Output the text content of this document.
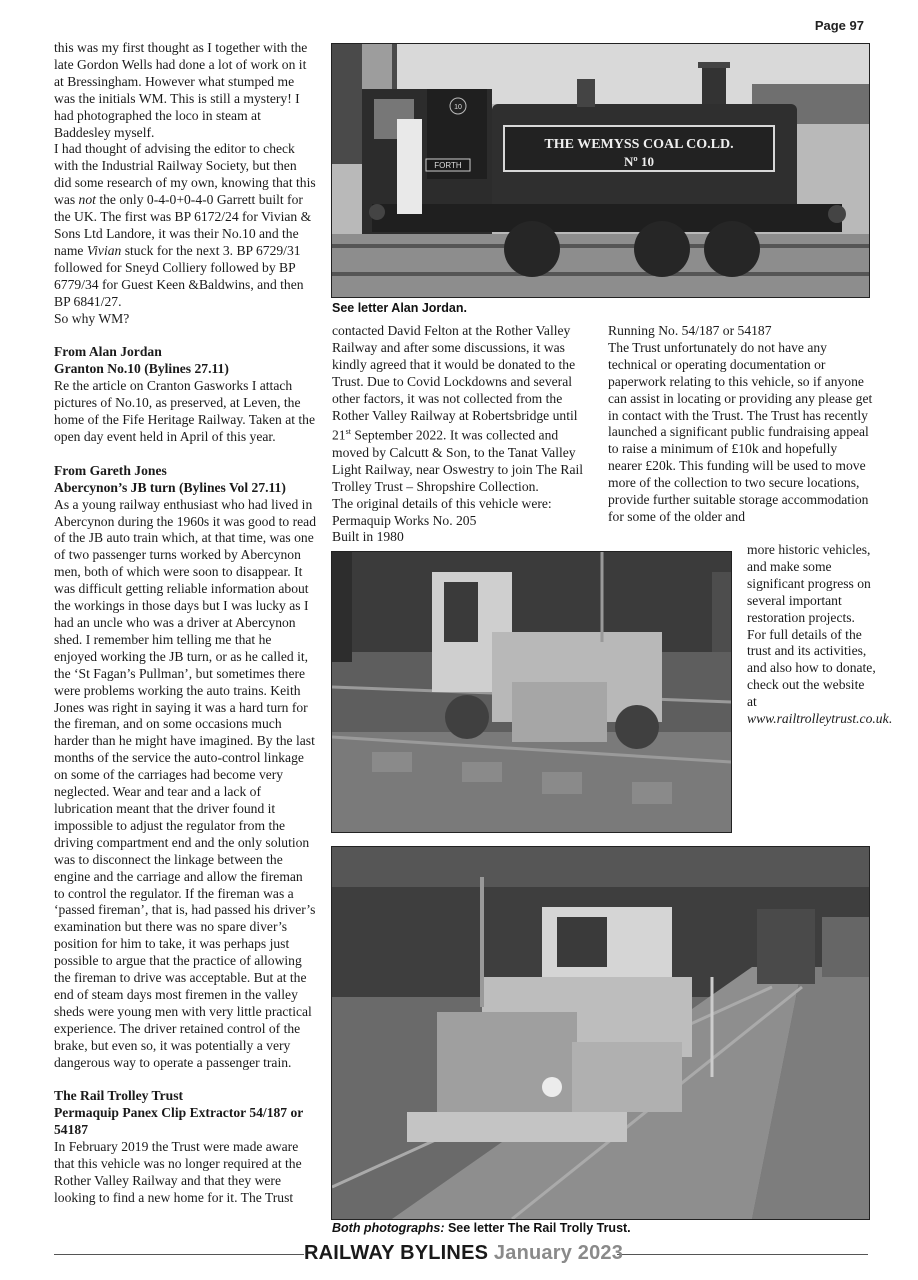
Page 97

this was my first thought as I together with the late Gordon Wells had done a lot of work on it at Bressingham. However what stumped me was the initials WM. This is still a mystery! I had photographed the loco in steam at Baddesley myself.

I had thought of advising the editor to check with the Industrial Railway Society, but then did some research of my own, knowing that this was not the only 0-4-0+0-4-0 Garrett built for the UK. The first was BP 6172/24 for Vivian & Sons Ltd Landore, it was their No.10 and the name Vivian stuck for the next 3. BP 6729/31 followed for Sneyd Colliery followed by BP 6779/34 for Guest Keen &Baldwins, and then BP 6841/27.

So why WM?

From Alan Jordan
Granton No.10 (Bylines 27.11)

Re the article on Cranton Gasworks I attach pictures of No.10, as preserved, at Leven, the home of the Fife Heritage Railway. Taken at the open day event held in April of this year.

From Gareth Jones
Abercynon’s JB turn (Bylines Vol 27.11)

As a young railway enthusiast who had lived in Abercynon during the 1960s it was good to read of the JB auto train which, at that time, was one of two passenger turns worked by Abercynon men, both of which were soon to disappear. It was difficult getting reliable information about the workings in those days but I was lucky as I had an uncle who was a driver at Abercynon shed. I remember him telling me that he enjoyed working the JB turn, or as he called it, the ‘St Fagan’s Pullman’, but sometimes there were problems working the auto trains. Keith Jones was right in saying it was a hard turn for the fireman, and on some occasions much harder than he might have imagined. By the last months of the service the auto-control linkage on some of the carriages had become very neglected. Wear and tear and a lack of lubrication meant that the driver found it impossible to adjust the regulator from the driving compartment end and the only solution was to disconnect the linkage between the engine and the carriage and allow the fireman to control the regulator. If the fireman was a ‘passed fireman’, that is, had passed his driver’s examination but there was no spare diver’s position for him to take, it was perhaps just possible to argue that the practice of allowing the fireman to drive was acceptable. But at the end of steam days most firemen in the valley sheds were young men with very little practical experience. The driver retained control of the brake, but even so, it was potentially a very dangerous way to operate a passenger train.

The Rail Trolley Trust
Permaquip Panex Clip Extractor 54/187 or 54187

In February 2019 the Trust were made aware that this vehicle was no longer required at the Rother Valley Railway and that they were looking to find a new home for it. The Trust

THE WEMYSS COAL CO.LD.
Nº 10
10
FORTH
See letter Alan Jordan.

contacted David Felton at the Rother Valley Railway and after some discussions, it was kindly agreed that it would be donated to the Trust. Due to Covid Lockdowns and several other factors, it was not collected from the Rother Valley Railway at Robertsbridge until 21st September 2022. It was collected and moved by Calcutt & Son, to the Tanat Valley Light Railway, near Oswestry to join The Rail Trolley Trust – Shropshire Collection.

The original details of this vehicle were:

Permaquip Works No. 205

Built in 1980

Running No. 54/187 or 54187
The Trust unfortunately do not have any technical or operating documentation or paperwork relating to this vehicle, so if anyone can assist in locating or providing any please get in contact with the Trust. The Trust has recently launched a significant public fundraising appeal to raise a minimum of £10k and hopefully nearer £20k. This funding will be used to move more of the collection to two secure locations, provide further suitable storage accommodation for some of the older and

more historic vehicles, and make some significant progress on several important restoration projects. For full details of the trust and its activities, and also how to donate, check out the website at www.railtrolleytrust.co.uk.

Both photographs: See letter The Rail Trolly Trust.
RAILWAY BYLINES January 2023
